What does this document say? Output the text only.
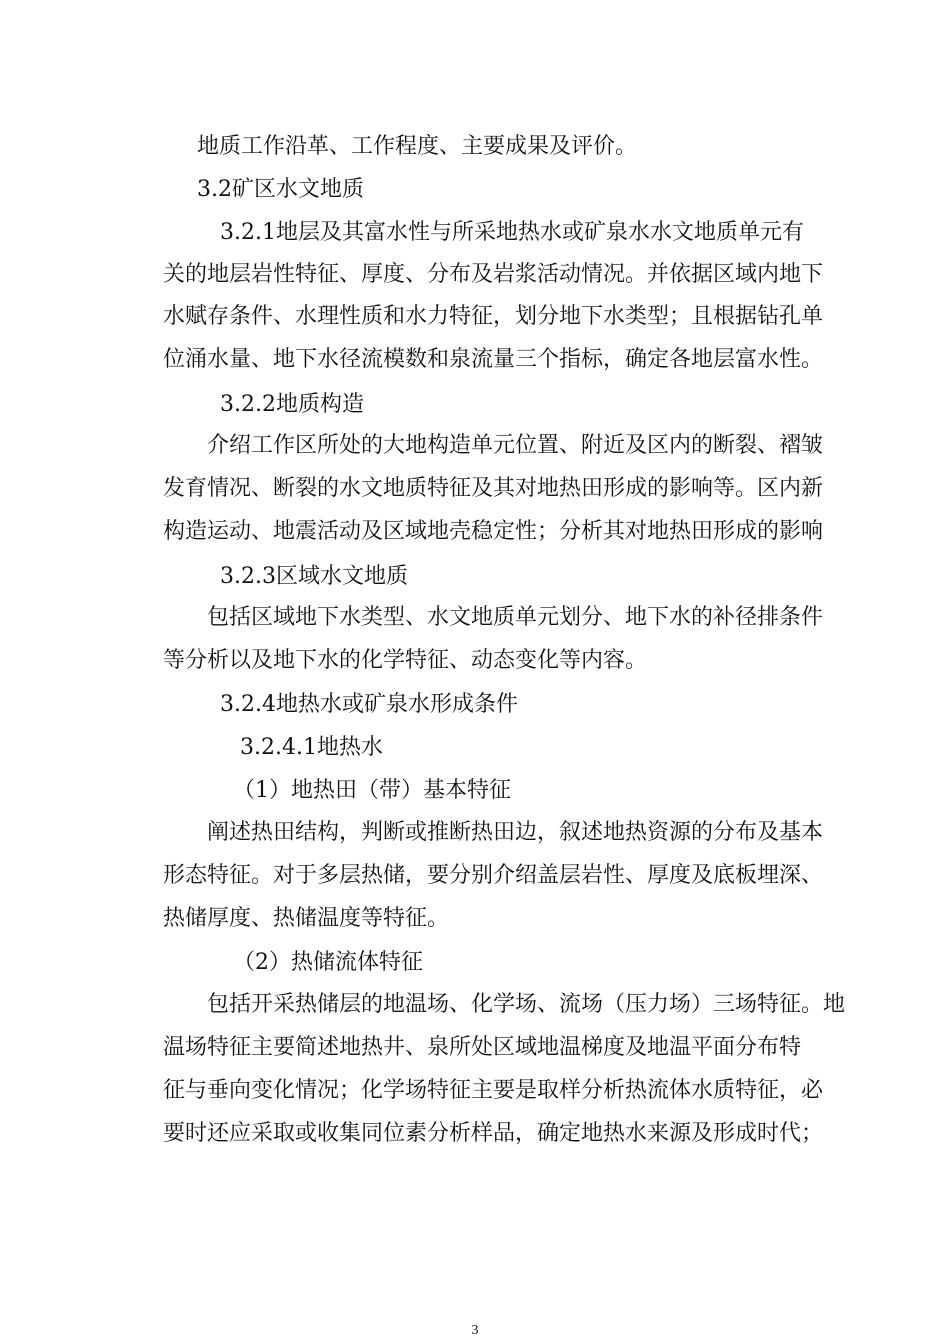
地质工作沿革、工作程度、主要成果及评价。
3.2矿区水文地质
3.2.1地层及其富水性与所采地热水或矿泉水水文地质单元有
关的地层岩性特征、厚度、分布及岩浆活动情况。并依据区域内地下
水赋存条件、水理性质和水力特征，划分地下水类型；且根据钻孔单
位涌水量、地下水径流模数和泉流量三个指标，确定各地层富水性。
3.2.2地质构造
介绍工作区所处的大地构造单元位置、附近及区内的断裂、褶皱
发育情况、断裂的水文地质特征及其对地热田形成的影响等。区内新
构造运动、地震活动及区域地壳稳定性；分析其对地热田形成的影响
3.2.3区域水文地质
包括区域地下水类型、水文地质单元划分、地下水的补径排条件
等分析以及地下水的化学特征、动态变化等内容。
3.2.4地热水或矿泉水形成条件
3.2.4.1地热水
（1）地热田（带）基本特征
阐述热田结构，判断或推断热田边，叙述地热资源的分布及基本
形态特征。对于多层热储，要分别介绍盖层岩性、厚度及底板埋深、
热储厚度、热储温度等特征。
（2）热储流体特征
包括开采热储层的地温场、化学场、流场（压力场）三场特征。地
温场特征主要简述地热井、泉所处区域地温梯度及地温平面分布特
征与垂向变化情况；化学场特征主要是取样分析热流体水质特征，必
要时还应采取或收集同位素分析样品，确定地热水来源及形成时代；
3
